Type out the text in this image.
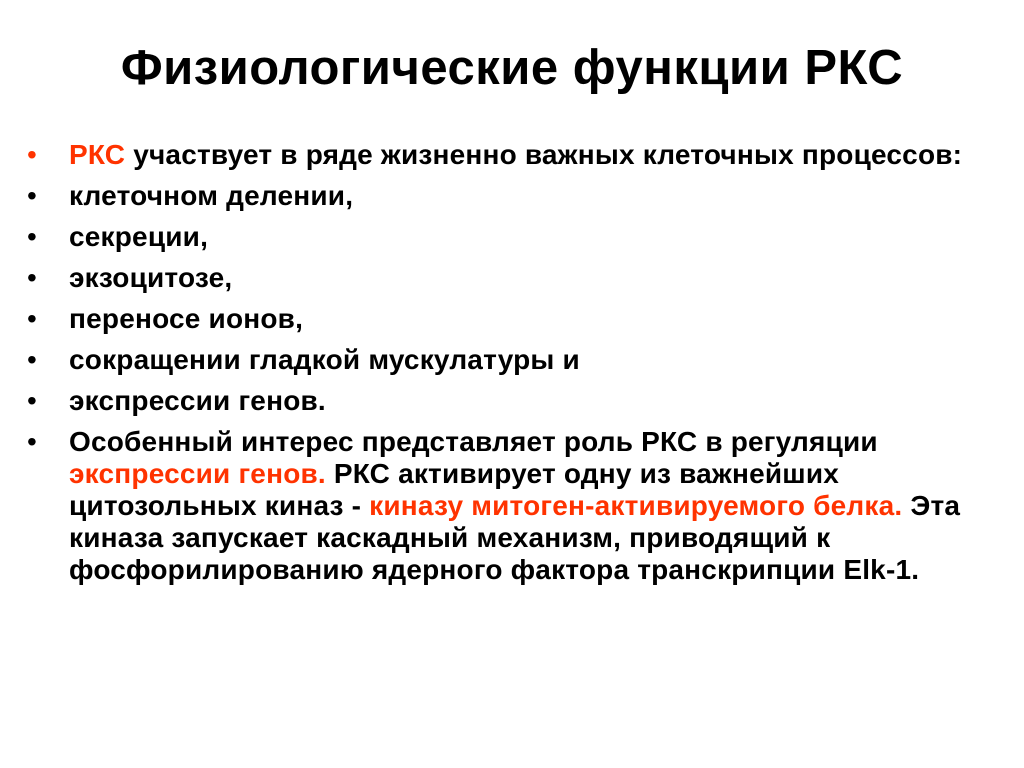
Физиологические функции РКС
•	РКС участвует в ряде жизненно важных клеточных процессов:
•	клеточном делении,
•	секреции,
•	экзоцитозе,
•	переносе ионов,
•	сокращении гладкой мускулатуры и
•	экспрессии генов.
•	Особенный интерес представляет роль РКС в регуляции экспрессии генов. РКС активирует одну из важнейших цитозольных киназ - киназу митоген-активируемого белка. Эта киназа запускает каскадный механизм, приводящий к фосфорилированию ядерного фактора транскрипции Elk-1.
